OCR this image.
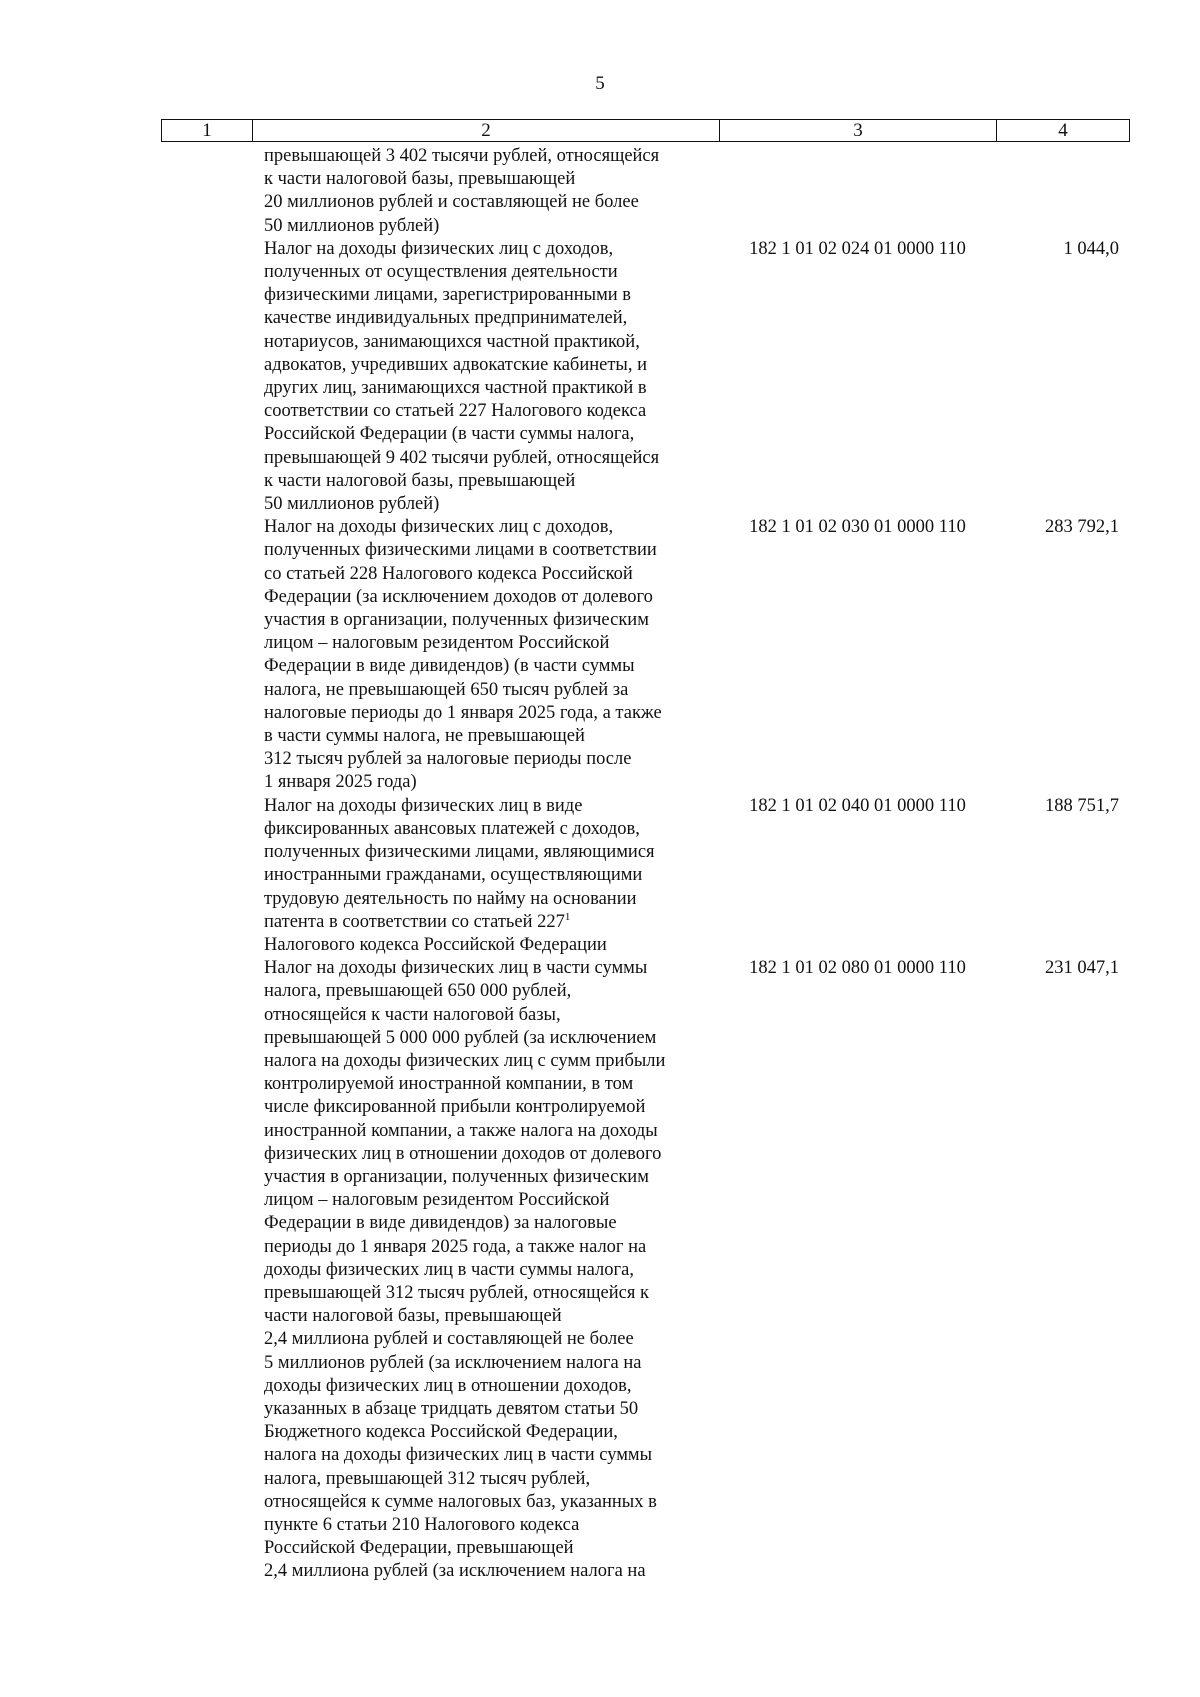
5
1	2	3	4
превышающей 3 402 тысячи рублей, относящейся
к части налоговой базы, превышающей
20 миллионов рублей и составляющей не более
50 миллионов рублей)
Налог на доходы физических лиц с доходов,
полученных от осуществления деятельности
физическими лицами, зарегистрированными в
качестве индивидуальных предпринимателей,
нотариусов, занимающихся частной практикой,
адвокатов, учредивших адвокатские кабинеты, и
других лиц, занимающихся частной практикой в
соответствии со статьей 227 Налогового кодекса
Российской Федерации (в части суммы налога,
превышающей 9 402 тысячи рублей, относящейся
к части налоговой базы, превышающей
50 миллионов рублей)
182 1 01 02 024 01 0000 110	1 044,0
Налог на доходы физических лиц с доходов,
полученных физическими лицами в соответствии
со статьей 228 Налогового кодекса Российской
Федерации (за исключением доходов от долевого
участия в организации, полученных физическим
лицом – налоговым резидентом Российской
Федерации в виде дивидендов) (в части суммы
налога, не превышающей 650 тысяч рублей за
налоговые периоды до 1 января 2025 года, а также
в части суммы налога, не превышающей
312 тысяч рублей за налоговые периоды после
1 января 2025 года)
182 1 01 02 030 01 0000 110	283 792,1
Налог на доходы физических лиц в виде
фиксированных авансовых платежей с доходов,
полученных физическими лицами, являющимися
иностранными гражданами, осуществляющими
трудовую деятельность по найму на основании
патента в соответствии со статьей $227^1$
Налогового кодекса Российской Федерации
182 1 01 02 040 01 0000 110	188 751,7
Налог на доходы физических лиц в части суммы
налога, превышающей 650 000 рублей,
относящейся к части налоговой базы,
превышающей 5 000 000 рублей (за исключением
налога на доходы физических лиц с сумм прибыли
контролируемой иностранной компании, в том
числе фиксированной прибыли контролируемой
иностранной компании, а также налога на доходы
физических лиц в отношении доходов от долевого
участия в организации, полученных физическим
лицом – налоговым резидентом Российской
Федерации в виде дивидендов) за налоговые
периоды до 1 января 2025 года, а также налог на
доходы физических лиц в части суммы налога,
превышающей 312 тысяч рублей, относящейся к
части налоговой базы, превышающей
2,4 миллиона рублей и составляющей не более
5 миллионов рублей (за исключением налога на
доходы физических лиц в отношении доходов,
указанных в абзаце тридцать девятом статьи 50
Бюджетного кодекса Российской Федерации,
налога на доходы физических лиц в части суммы
налога, превышающей 312 тысяч рублей,
относящейся к сумме налоговых баз, указанных в
пункте 6 статьи 210 Налогового кодекса
Российской Федерации, превышающей
2,4 миллиона рублей (за исключением налога на
182 1 01 02 080 01 0000 110	231 047,1
